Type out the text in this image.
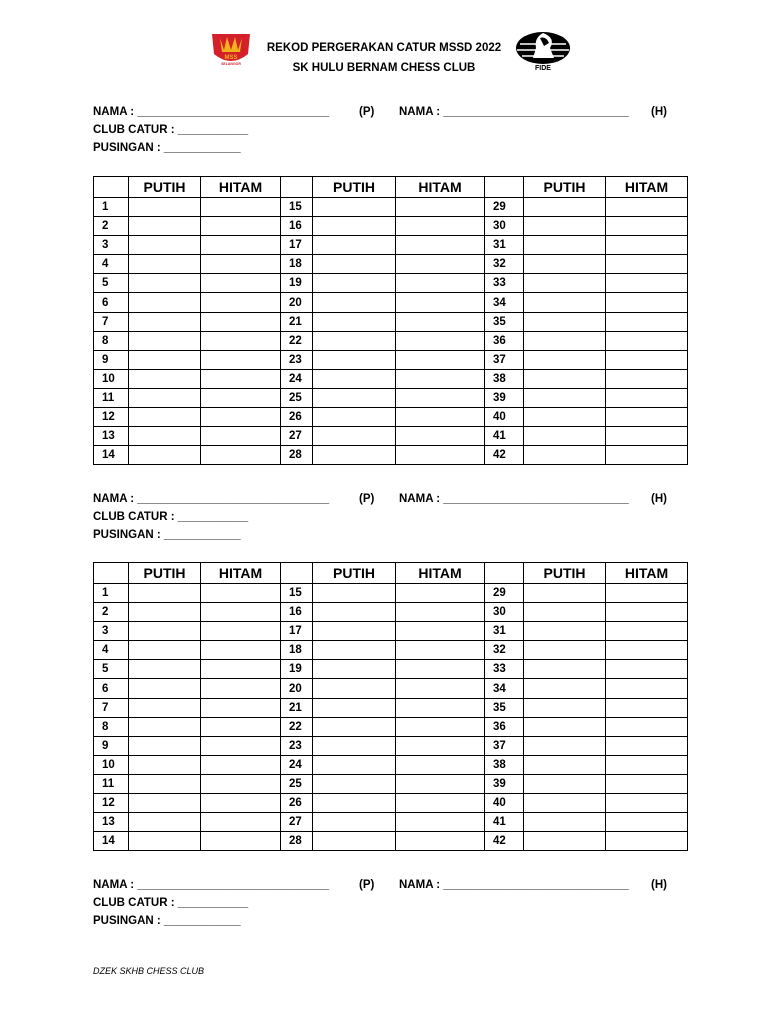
MSS
SELANGOR
REKOD PERGERAKAN CATUR MSSD 2022
SK HULU BERNAM CHESS CLUB	FIDE
NAMA : ______________________________	(P) NAMA : _____________________________ (H)
CLUB CATUR : ___________
PUSINGAN : ____________
	PUTIH	HITAM		PUTIH	HITAM		PUTIH	HITAM
1			15			29		
2			16			30		
3			17			31		
4			18			32		
5			19			33		
6			20			34		
7			21			35		
8			22			36		
9			23			37		
10			24			38		
11			25			39		
12			26			40		
13			27			41		
14			28			42		
NAMA : ______________________________	(P) NAMA : _____________________________ (H)
CLUB CATUR : ___________
PUSINGAN : ____________
	PUTIH	HITAM		PUTIH	HITAM		PUTIH	HITAM
1			15			29		
2			16			30		
3			17			31		
4			18			32		
5			19			33		
6			20			34		
7			21			35		
8			22			36		
9			23			37		
10			24			38		
11			25			39		
12			26			40		
13			27			41		
14			28			42		
NAMA : ______________________________	(P) NAMA : _____________________________ (H)
CLUB CATUR : ___________
PUSINGAN : ____________
DZEK SKHB CHESS CLUB
